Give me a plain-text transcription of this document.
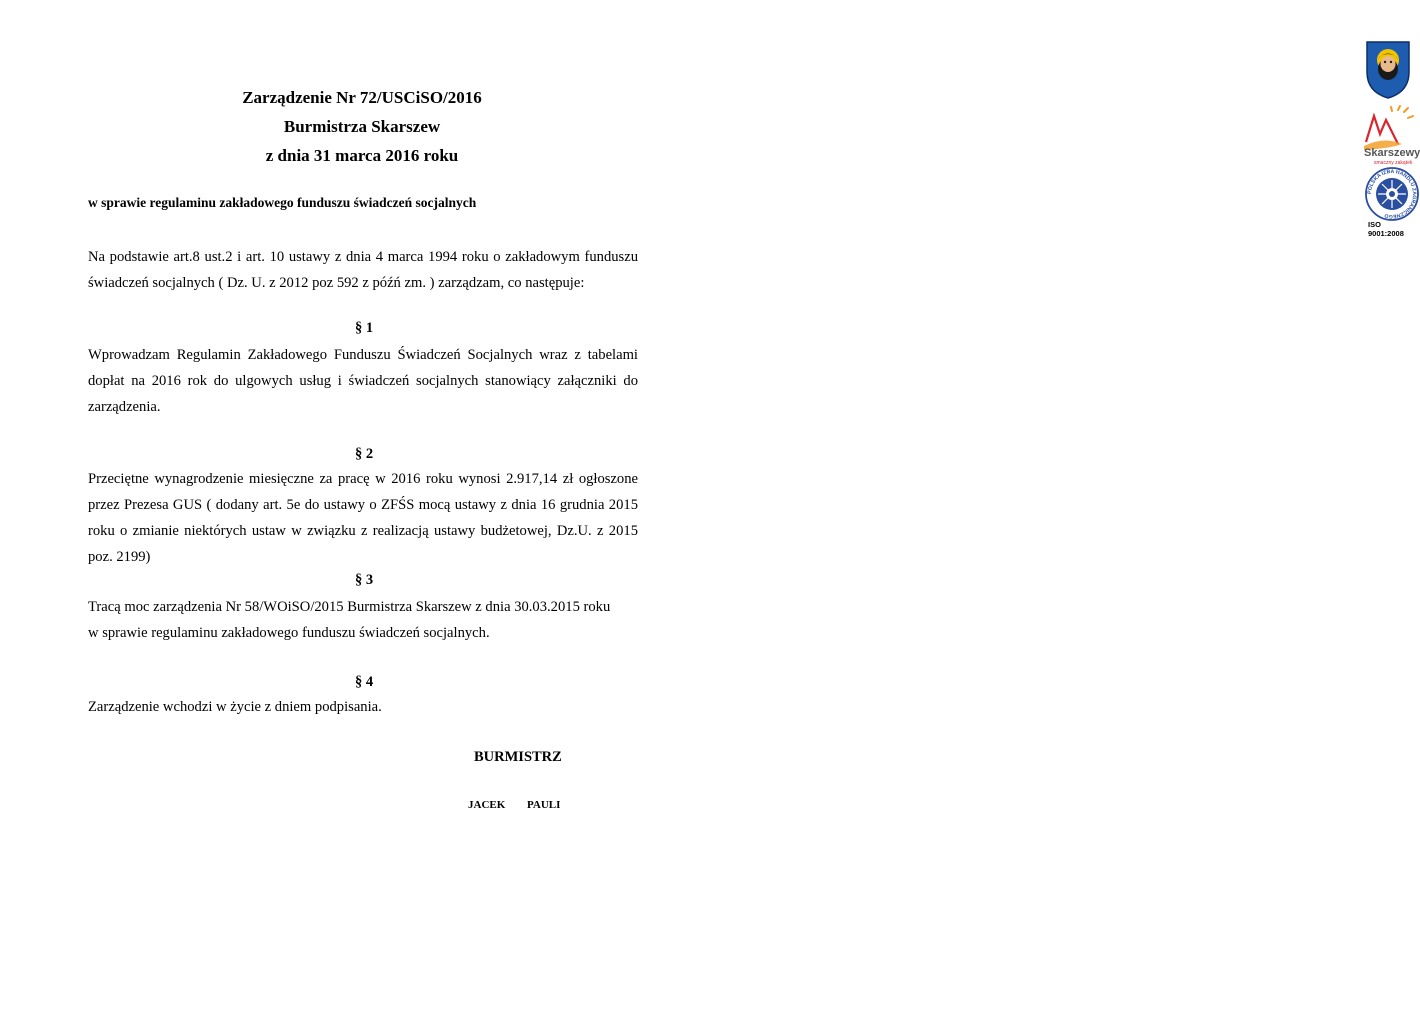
Skarszewy
smaczny zakątek
POLSKA IZBA HANDLU ZAGRANICZNEGO
ISO 9001:2008
Zarządzenie Nr 72/USCiSO/2016
Burmistrza Skarszew
z dnia 31 marca 2016 roku
w sprawie regulaminu zakładowego funduszu świadczeń socjalnych

Na podstawie art.8 ust.2 i art. 10 ustawy z dnia 4 marca 1994 roku o zakładowym funduszu

świadczeń socjalnych ( Dz. U. z 2012 poz 592 z późń zm. ) zarządzam, co następuje:

§ 1

Wprowadzam Regulamin Zakładowego Funduszu Świadczeń Socjalnych wraz z tabelami

dopłat na 2016 rok do ulgowych usług i świadczeń socjalnych stanowiący załączniki do

zarządzenia.

§ 2

Przeciętne wynagrodzenie miesięczne za pracę w 2016 roku wynosi 2.917,14 zł ogłoszone

przez Prezesa GUS ( dodany art. 5e do ustawy o ZFŚS mocą ustawy z dnia 16 grudnia 2015

roku o zmianie niektórych ustaw w związku z realizacją ustawy budżetowej, Dz.U. z 2015

poz. 2199)

§ 3

Tracą moc zarządzenia Nr 58/WOiSO/2015 Burmistrza Skarszew z dnia 30.03.2015 roku

w sprawie regulaminu zakładowego funduszu świadczeń socjalnych.

§ 4

Zarządzenie wchodzi w życie z dniem podpisania.

BURMISTRZ
JACEK PAULI
